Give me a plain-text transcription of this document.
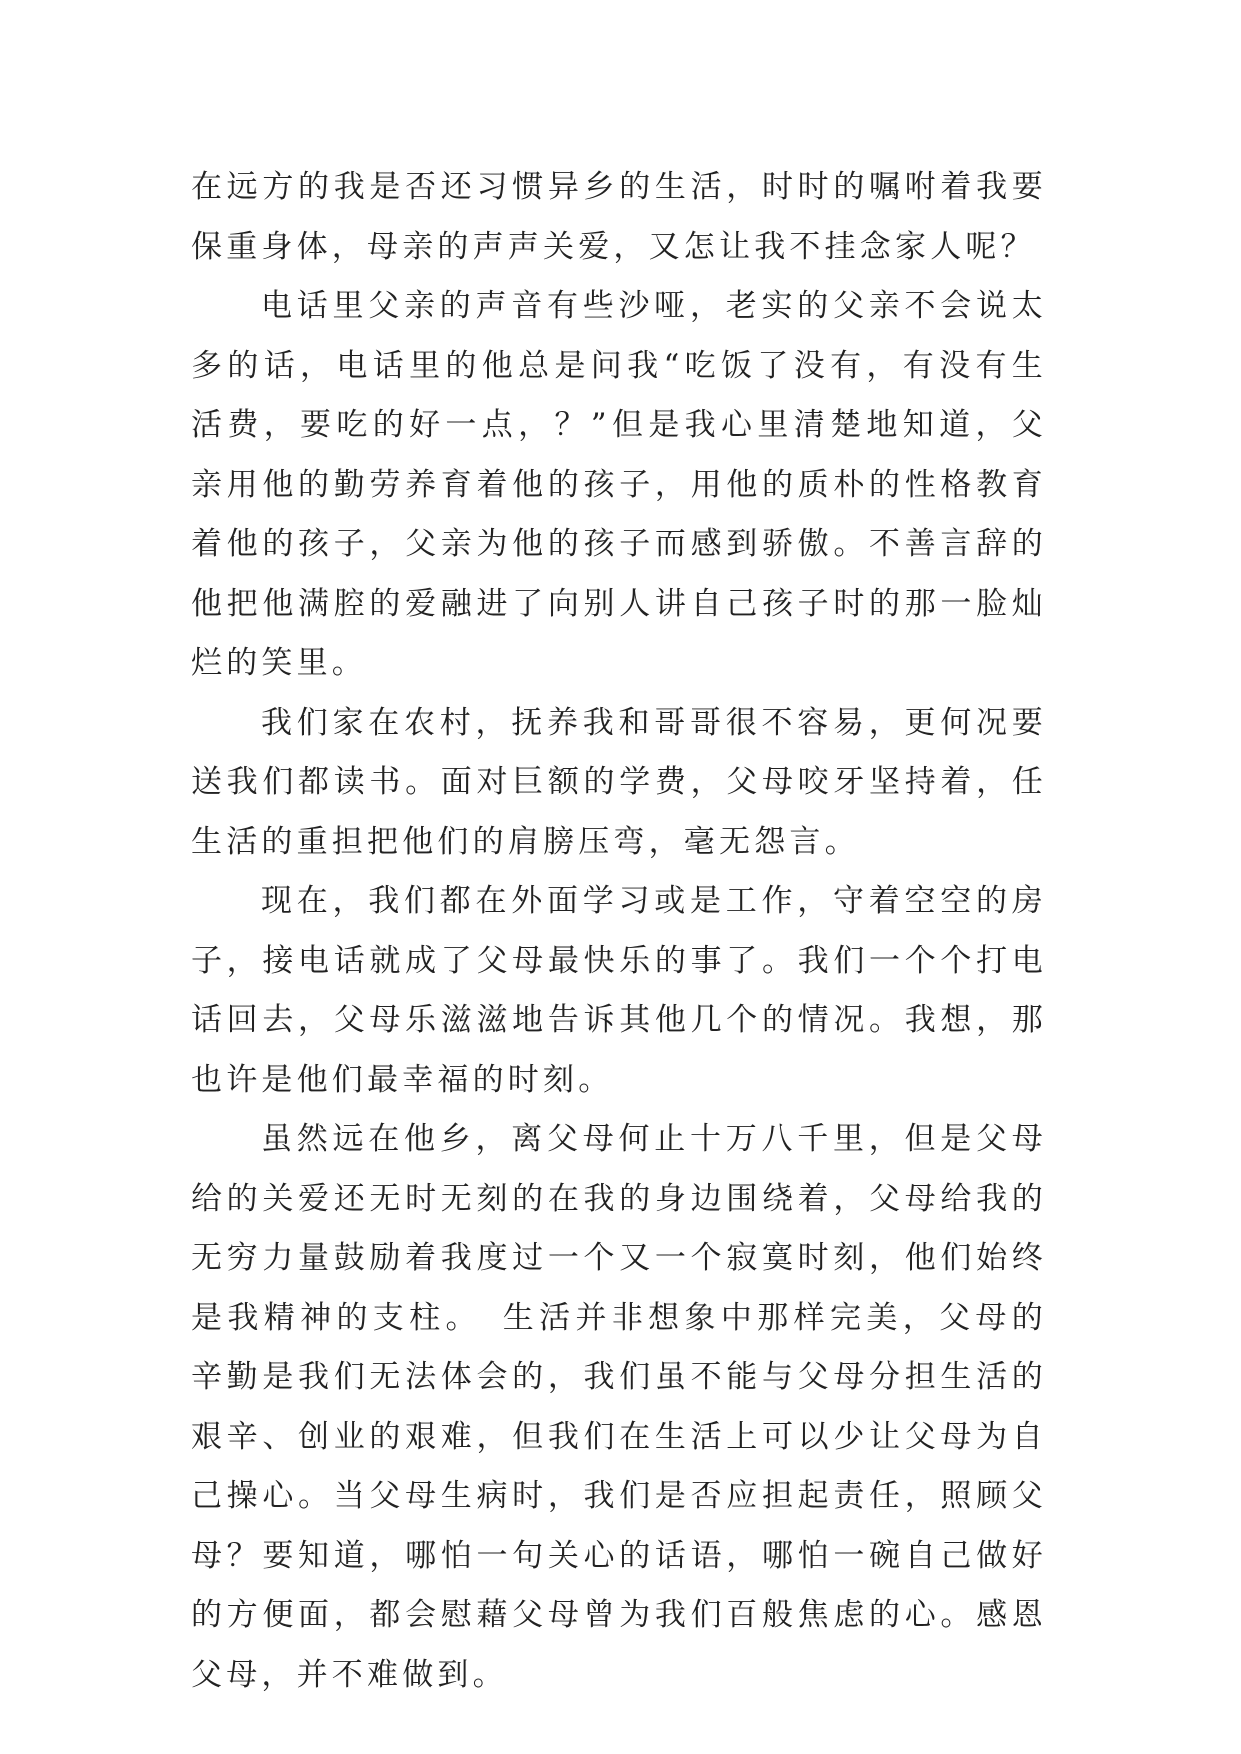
在远方的我是否还习惯异乡的生活，时时的嘱咐着我要保重身体，母亲的声声关爱，又怎让我不挂念家人呢？

电话里父亲的声音有些沙哑，老实的父亲不会说太多的话，电话里的他总是问我“吃饭了没有，有没有生活费，要吃的好一点，？”但是我心里清楚地知道，父亲用他的勤劳养育着他的孩子，用他的质朴的性格教育着他的孩子，父亲为他的孩子而感到骄傲。不善言辞的他把他满腔的爱融进了向别人讲自己孩子时的那一脸灿烂的笑里。

我们家在农村，抚养我和哥哥很不容易，更何况要送我们都读书。面对巨额的学费，父母咬牙坚持着，任生活的重担把他们的肩膀压弯，毫无怨言。

现在，我们都在外面学习或是工作，守着空空的房子，接电话就成了父母最快乐的事了。我们一个个打电话回去，父母乐滋滋地告诉其他几个的情况。我想，那也许是他们最幸福的时刻。

虽然远在他乡，离父母何止十万八千里，但是父母给的关爱还无时无刻的在我的身边围绕着，父母给我的无穷力量鼓励着我度过一个又一个寂寞时刻，他们始终是我精神的支柱。　生活并非想象中那样完美，父母的辛勤是我们无法体会的，我们虽不能与父母分担生活的艰辛、创业的艰难，但我们在生活上可以少让父母为自己操心。当父母生病时，我们是否应担起责任，照顾父母？要知道，哪怕一句关心的话语，哪怕一碗自己做好的方便面，都会慰藉父母曾为我们百般焦虑的心。感恩父母，并不难做到。
